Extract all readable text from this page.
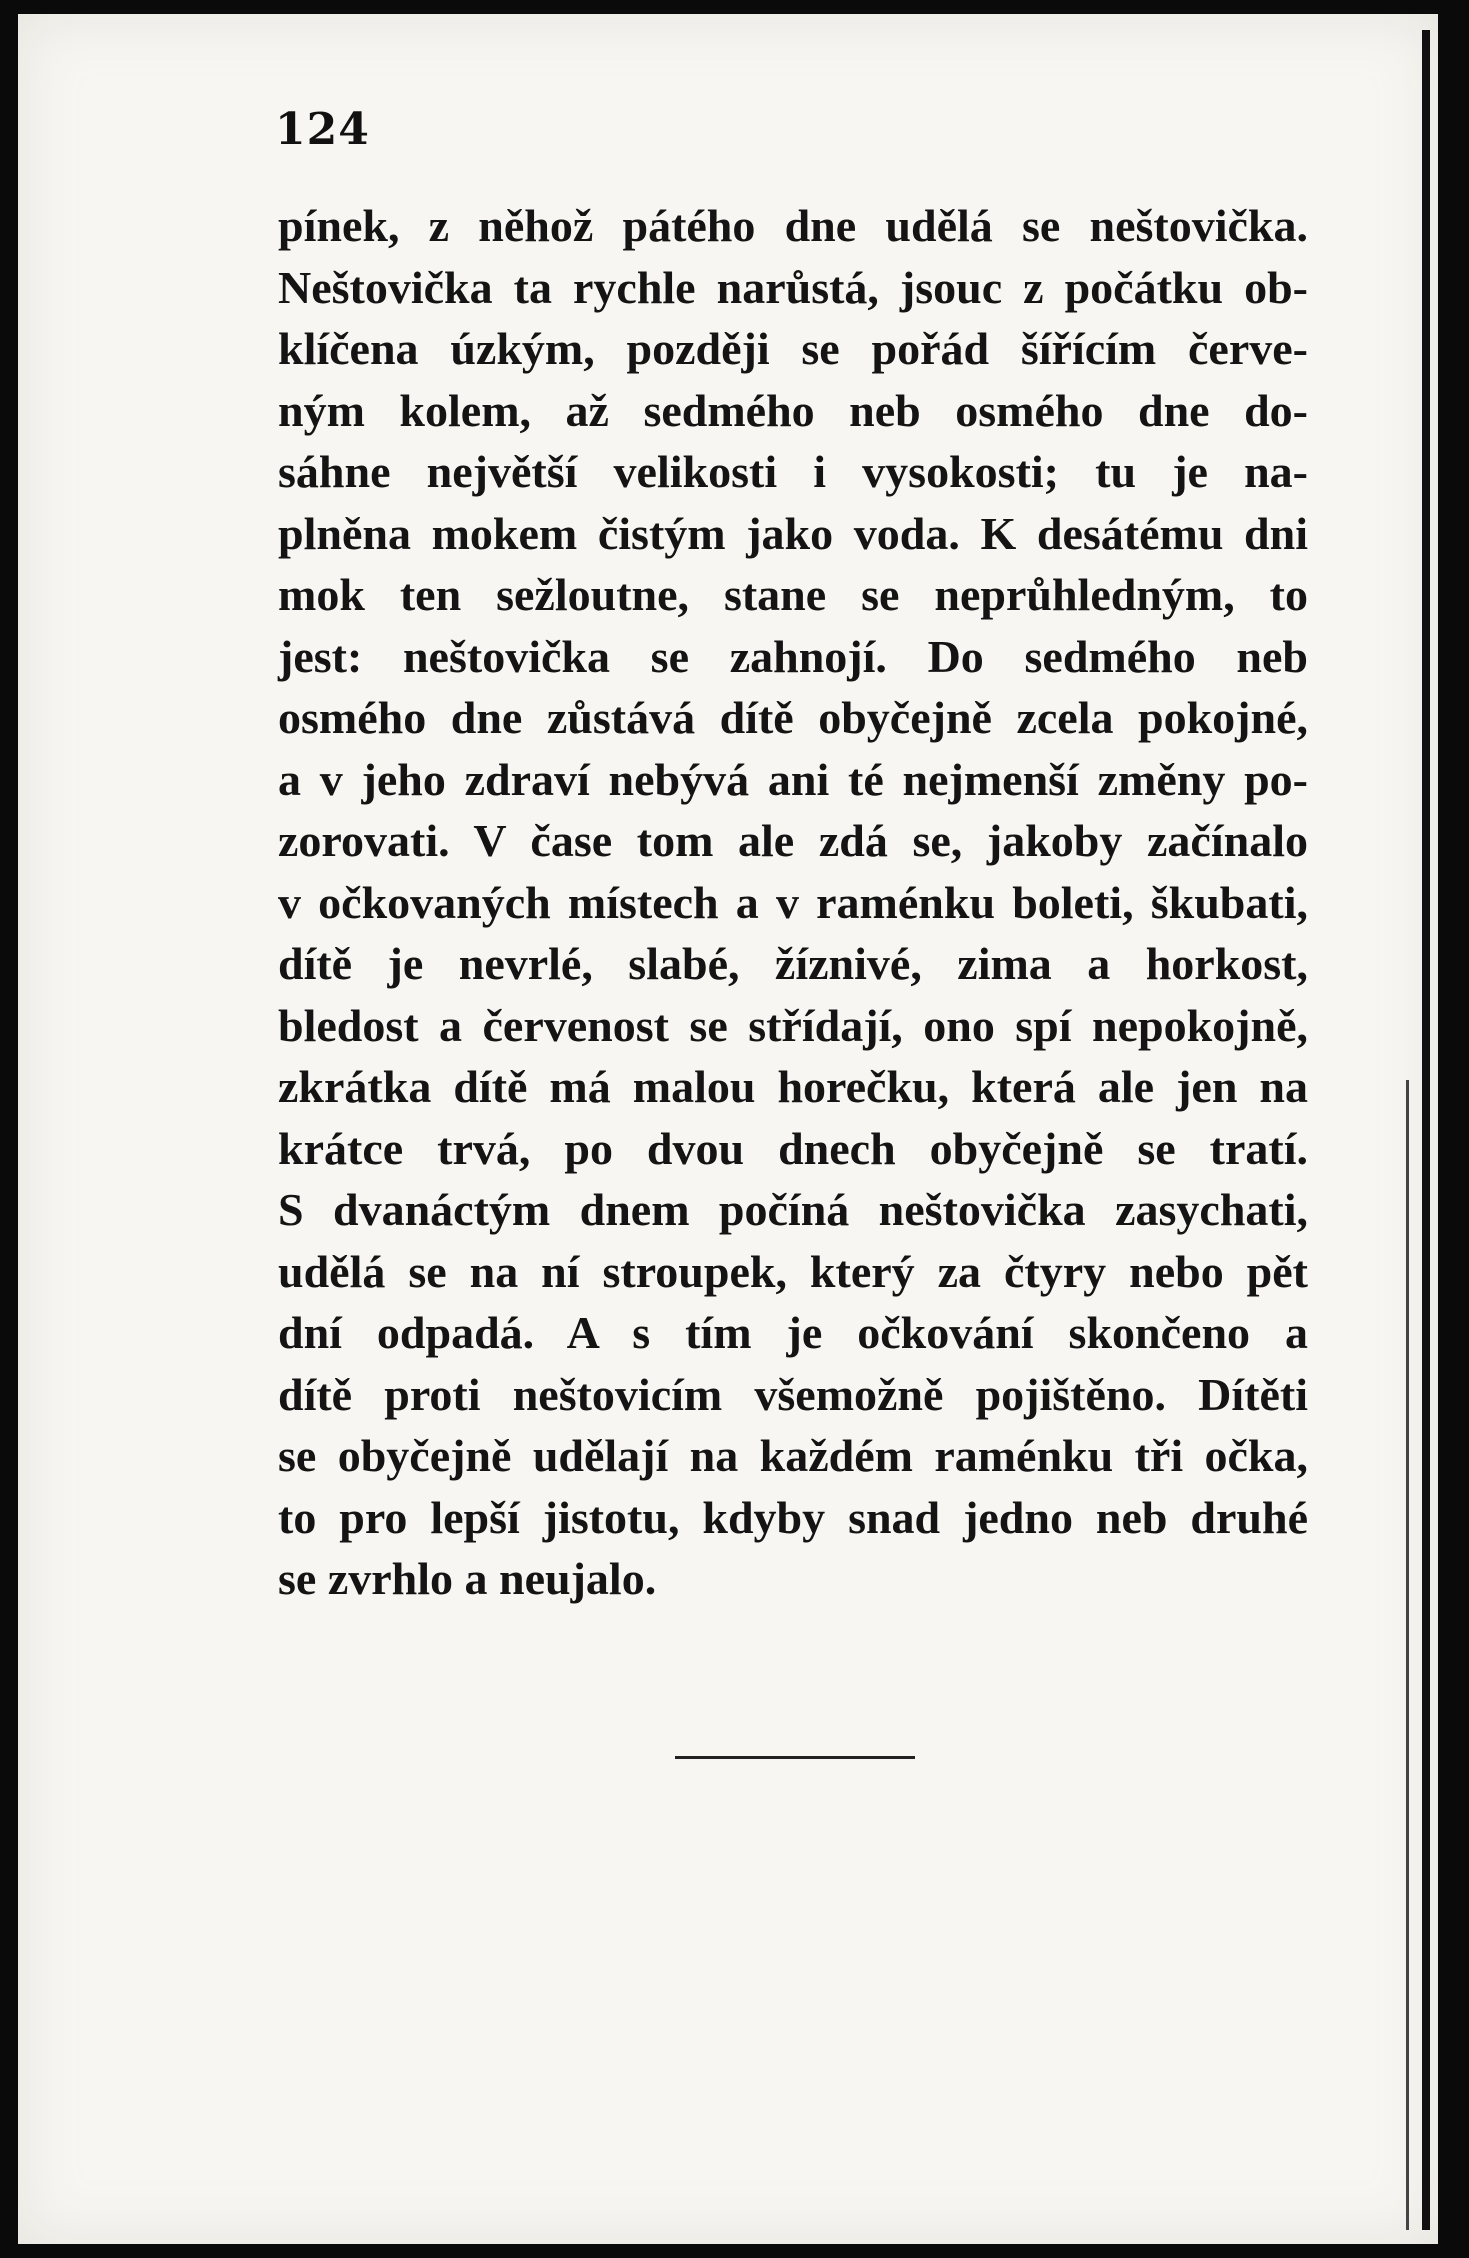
124
pínek, z něhož pátého dne udělá se neštovička.
Neštovička ta rychle narůstá, jsouc z počátku ob-
klíčena úzkým, později se pořád šířícím červe-
ným kolem, až sedmého neb osmého dne do-
sáhne největší velikosti i vysokosti; tu je na-
plněna mokem čistým jako voda. K desátému dni
mok ten sežloutne, stane se neprůhledným, to
jest: neštovička se zahnojí. Do sedmého neb
osmého dne zůstává dítě obyčejně zcela pokojné,
a v jeho zdraví nebývá ani té nejmenší změny po-
zorovati. V čase tom ale zdá se, jakoby začínalo
v očkovaných místech a v raménku boleti, škubati,
dítě je nevrlé, slabé, žíznivé, zima a horkost,
bledost a červenost se střídají, ono spí nepokojně,
zkrátka dítě má malou horečku, která ale jen na
krátce trvá, po dvou dnech obyčejně se tratí.
S dvanáctým dnem počíná neštovička zasychati,
udělá se na ní stroupek, který za čtyry nebo pět
dní odpadá. A s tím je očkování skončeno a
dítě proti neštovicím všemožně pojištěno. Dítěti
se obyčejně udělají na každém raménku tři očka,
to pro lepší jistotu, kdyby snad jedno neb druhé
se zvrhlo a neujalo.
